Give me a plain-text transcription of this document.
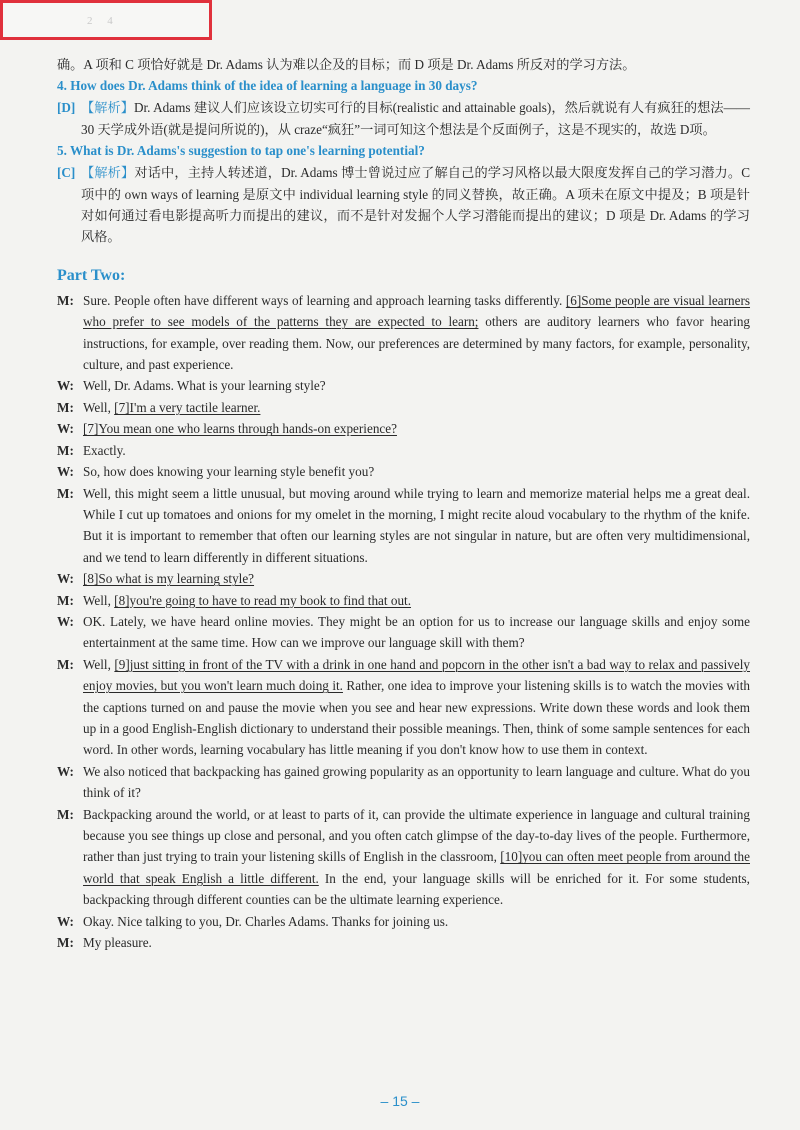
2 4

确。A 项和 C 项恰好就是 Dr. Adams 认为难以企及的目标；而 D 项是 Dr. Adams 所反对的学习方法。

4. How does Dr. Adams think of the idea of learning a language in 30 days?

[D] 【解析】Dr. Adams 建议人们应该设立切实可行的目标(realistic and attainable goals)，然后就说有人有疯狂的想法——30 天学成外语(就是提问所说的)，从 craze“疯狂”一词可知这个想法是个反面例子，这是不现实的，故选 D项。

5. What is Dr. Adams's suggestion to tap one's learning potential?

[C] 【解析】对话中，主持人转述道，Dr. Adams 博士曾说过应了解自己的学习风格以最大限度发挥自己的学习潜力。C 项中的 own ways of learning 是原文中 individual learning style 的同义替换，故正确。A 项未在原文中提及；B 项是针对如何通过看电影提高听力而提出的建议，而不是针对发掘个人学习潜能而提出的建议；D 项是 Dr. Adams 的学习风格。
Part Two:
M: Sure. People often have different ways of learning and approach learning tasks differently. [6]Some people are visual learners who prefer to see models of the patterns they are expected to learn; others are auditory learners who favor hearing instructions, for example, over reading them. Now, our preferences are determined by many factors, for example, personality, culture, and past experience.
W: Well, Dr. Adams. What is your learning style?
M: Well, [7]I'm a very tactile learner.
W: [7]You mean one who learns through hands-on experience?
M: Exactly.
W: So, how does knowing your learning style benefit you?
M: Well, this might seem a little unusual, but moving around while trying to learn and memorize material helps me a great deal. While I cut up tomatoes and onions for my omelet in the morning, I might recite aloud vocabulary to the rhythm of the knife. But it is important to remember that often our learning styles are not singular in nature, but are often very multidimensional, and we tend to learn differently in different situations.
W: [8]So what is my learning style?
M: Well, [8]you're going to have to read my book to find that out.
W: OK. Lately, we have heard online movies. They might be an option for us to increase our language skills and enjoy some entertainment at the same time. How can we improve our language skill with them?
M: Well, [9]just sitting in front of the TV with a drink in one hand and popcorn in the other isn't a bad way to relax and passively enjoy movies, but you won't learn much doing it. Rather, one idea to improve your listening skills is to watch the movies with the captions turned on and pause the movie when you see and hear new expressions. Write down these words and look them up in a good English-English dictionary to understand their possible meanings. Then, think of some sample sentences for each word. In other words, learning vocabulary has little meaning if you don't know how to use them in context.
W: We also noticed that backpacking has gained growing popularity as an opportunity to learn language and culture. What do you think of it?
M: Backpacking around the world, or at least to parts of it, can provide the ultimate experience in language and cultural training because you see things up close and personal, and you often catch glimpse of the day-to-day lives of the people. Furthermore, rather than just trying to train your listening skills of English in the classroom, [10]you can often meet people from around the world that speak English a little different. In the end, your language skills will be enriched for it. For some students, backpacking through different counties can be the ultimate learning experience.
W: Okay. Nice talking to you, Dr. Charles Adams. Thanks for joining us.
M: My pleasure.
– 15 –
